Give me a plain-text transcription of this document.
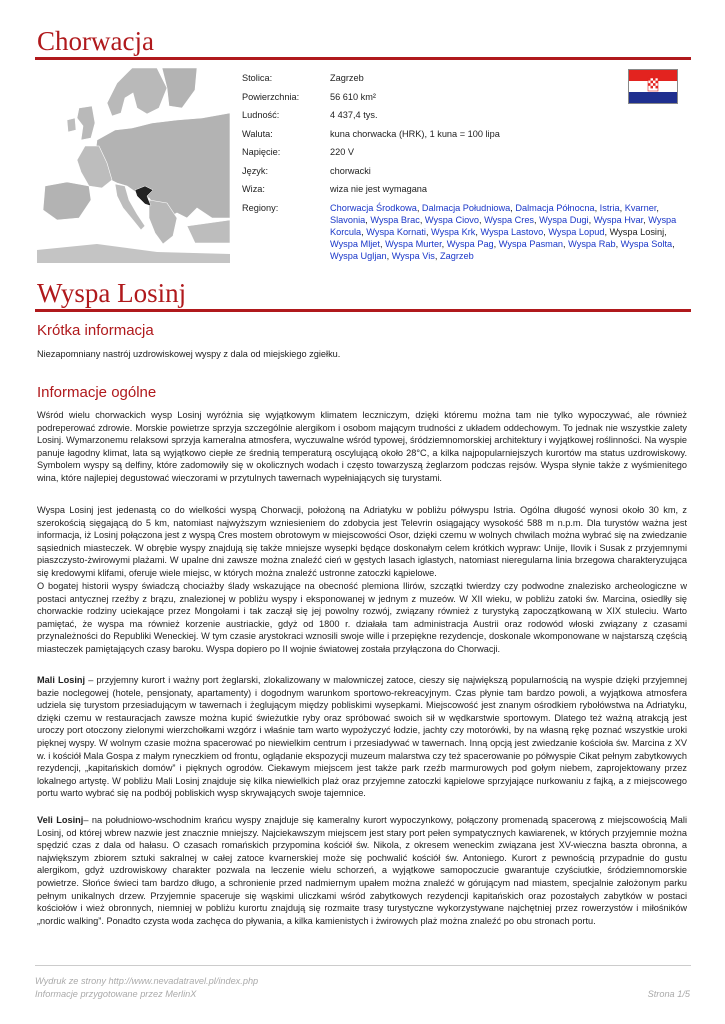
Chorwacja
Stolica:	Zagrzeb
Powierzchnia:	56 610 km²
Ludność:	4 437,4 tys.
Waluta:	kuna chorwacka (HRK), 1 kuna = 100 lipa
Napięcie:	220 V
Język:	chorwacki
Wiza:	wiza nie jest wymagana
Regiony:	Chorwacja Środkowa, Dalmacja Południowa, Dalmacja Północna, Istria, Kvarner, Slavonia, Wyspa Brac, Wyspa Ciovo, Wyspa Cres, Wyspa Dugi, Wyspa Hvar, Wyspa Korcula, Wyspa Kornati, Wyspa Krk, Wyspa Lastovo, Wyspa Lopud, Wyspa Losinj, Wyspa Mljet, Wyspa Murter, Wyspa Pag, Wyspa Pasman, Wyspa Rab, Wyspa Solta, Wyspa Ugljan, Wyspa Vis, Zagrzeb
Wyspa Losinj
Krótka informacja

Niezapomniany nastrój uzdrowiskowej wyspy z dala od miejskiego zgiełku.

Informacje ogólne

Wśród wielu chorwackich wysp Losinj wyróżnia się wyjątkowym klimatem leczniczym, dzięki któremu można tam nie tylko wypoczywać, ale również podreperować zdrowie. Morskie powietrze sprzyja szczególnie alergikom i osobom mającym trudności z układem oddechowym. To jednak nie wszystkie zalety Losinj. Wymarzonemu relaksowi sprzyja kameralna atmosfera, wyczuwalne wśród typowej, śródziemnomorskiej architektury i wyjątkowej roślinności. Na wyspie panuje łagodny klimat, lata są wyjątkowo ciepłe ze średnią temperaturą oscylującą około 28°C, a kilka najpopularniejszych kurortów ma status uzdrowiskowy. Symbolem wyspy są delfiny, które zadomowiły się w okolicznych wodach i często towarzyszą żeglarzom podczas rejsów. Wyspa słynie także z wyśmienitego wina, które najlepiej degustować wieczorami w przytulnych tawernach wypełniających się turystami.

Wyspa Losinj jest jedenastą co do wielkości wyspą Chorwacji, położoną na Adriatyku w pobliżu półwyspu Istria. Ogólna długość wynosi około 30 km, z szerokością sięgającą do 5 km, natomiast najwyższym wzniesieniem do zdobycia jest Televrin osiągający wysokość 588 m n.p.m. Dla turystów ważna jest informacja, iż Losinj połączona jest z wyspą Cres mostem obrotowym w miejscowości Osor, dzięki czemu w wolnych chwilach można wybrać się na zwiedzanie sąsiednich miasteczek. W obrębie wyspy znajdują się także mniejsze wysepki będące doskonałym celem krótkich wypraw: Unije, Ilovik i Susak z przyjemnymi piaszczysto-żwirowymi plażami. W upalne dni zawsze można znaleźć cień w gęstych lasach iglastych, natomiast nieregularna linia brzegowa charakteryzująca się kredowymi klifami, oferuje wiele miejsc, w których można znaleźć ustronne zatoczki kąpielowe.

O bogatej historii wyspy świadczą chociażby ślady wskazujące na obecność plemiona Ilirów, szczątki twierdzy czy podwodne znalezisko archeologiczne w postaci antycznej rzeźby z brązu, znalezionej w pobliżu wyspy i eksponowanej w jednym z muzeów. W XII wieku, w pobliżu zatoki św. Marcina, osiedlły się chorwackie rodziny uciekające przez Mongołami i tak zaczął się jej powolny rozwój, związany również z turystyką zapoczątkowaną w XIX stuleciu. Warto pamiętać, że wyspa ma również korzenie austriackie, gdyż od 1800 r. działała tam administracja Austrii oraz rodowód włoski związany z czasami przynależności do Republiki Weneckiej. W tym czasie arystokraci wznosili swoje wille i przepiękne rezydencje, doskonale wkomponowane w najstarszą częścią miasteczek pamiętających czasy baroku. Wyspa dopiero po II wojnie światowej została przyłączona do Chorwacji.

Mali Losinj – przyjemny kurort i ważny port żeglarski, zlokalizowany w malowniczej zatoce, cieszy się największą popularnością na wyspie dzięki przyjemnej bazie noclegowej (hotele, pensjonaty, apartamenty) i dogodnym warunkom sportowo-rekreacyjnym. Czas płynie tam bardzo powoli, a wyjątkowa atmosfera udziela się turystom przesiadującym w tawernach i żeglującym między pobliskimi wysepkami. Miejscowość jest znanym ośrodkiem rybołówstwa na Adriatyku, dzięki czemu w restauracjach zawsze można kupić świeżutkie ryby oraz spróbować swoich sił w wędkarstwie sportowym. Dlatego też ważną atrakcją jest uroczy port otoczony zielonymi wierzchołkami wzgórz i właśnie tam warto wypożyczyć łodzie, jachty czy motorówki, by na własną rękę poznać wszystkie uroki pięknej wyspy. W wolnym czasie można spacerować po niewielkim centrum i przesiadywać w tawernach. Inną opcją jest zwiedzanie kościoła św. Marcina z XV w. i kościół Mala Gospa z małym ryneczkiem od frontu, oglądanie ekspozycji muzeum malarstwa czy też spacerowanie po półwyspie Cikat pełnym zabytkowych rezydencji, „kapitańskich domów” i pięknych ogrodów. Ciekawym miejscem jest także park rzeźb marmurowych pod gołym niebem, zaprojektowany przez lokalnego artystę. W pobliżu Mali Losinj znajduje się kilka niewielkich plaż oraz przyjemne zatoczki kąpielowe sprzyjające nurkowaniu z fajką, a z miejscowego portu warto wybrać się na podbój pobliskich wysp skrywających swoje tajemnice.

Veli Losinj– na południowo-wschodnim krańcu wyspy znajduje się kameralny kurort wypoczynkowy, połączony promenadą spacerową z miejscowością Mali Losinj, od której wbrew nazwie jest znacznie mniejszy. Najciekawszym miejscem jest stary port pełen sympatycznych kawiarenek, w których przyjemnie można spędzić czas z dala od hałasu. O czasach romańskich przypomina kościół św. Nikola, z okresem weneckim związana jest XV-wieczna baszta obronna, a największym zbiorem sztuki sakralnej w całej zatoce kvarnerskiej może się pochwalić kościół św. Antoniego. Kurort z pewnością przypadnie do gustu alergikom, gdyż uzdrowiskowy charakter pozwala na leczenie wielu schorzeń, a wyjątkowe samopoczucie gwarantuje czyściutkie, śródziemnomorskie powietrze. Słońce świeci tam bardzo długo, a schronienie przed nadmiernym upałem można znaleźć w górującym nad miastem, specjalnie założonym parku pełnym unikalnych drzew. Przyjemnie spaceruje się wąskimi uliczkami wśród zabytkowych rezydencji kapitańskich oraz pozostałych zabytków w postaci kościołów i wież obronnych, niemniej w pobliżu kurortu znajdują się rozmaite trasy turystyczne wykorzystywane najchętniej przez rowerzystów i miłośników „nordic walking”. Ponadto czysta woda zachęca do pływania, a kilka kamienistych i żwirowych plaż można znaleźć po obu stronach portu.

Wydruk ze strony http://www.nevadatravel.pl/index.php
Informacje przygotowane przez MerlinX	Strona 1/5
